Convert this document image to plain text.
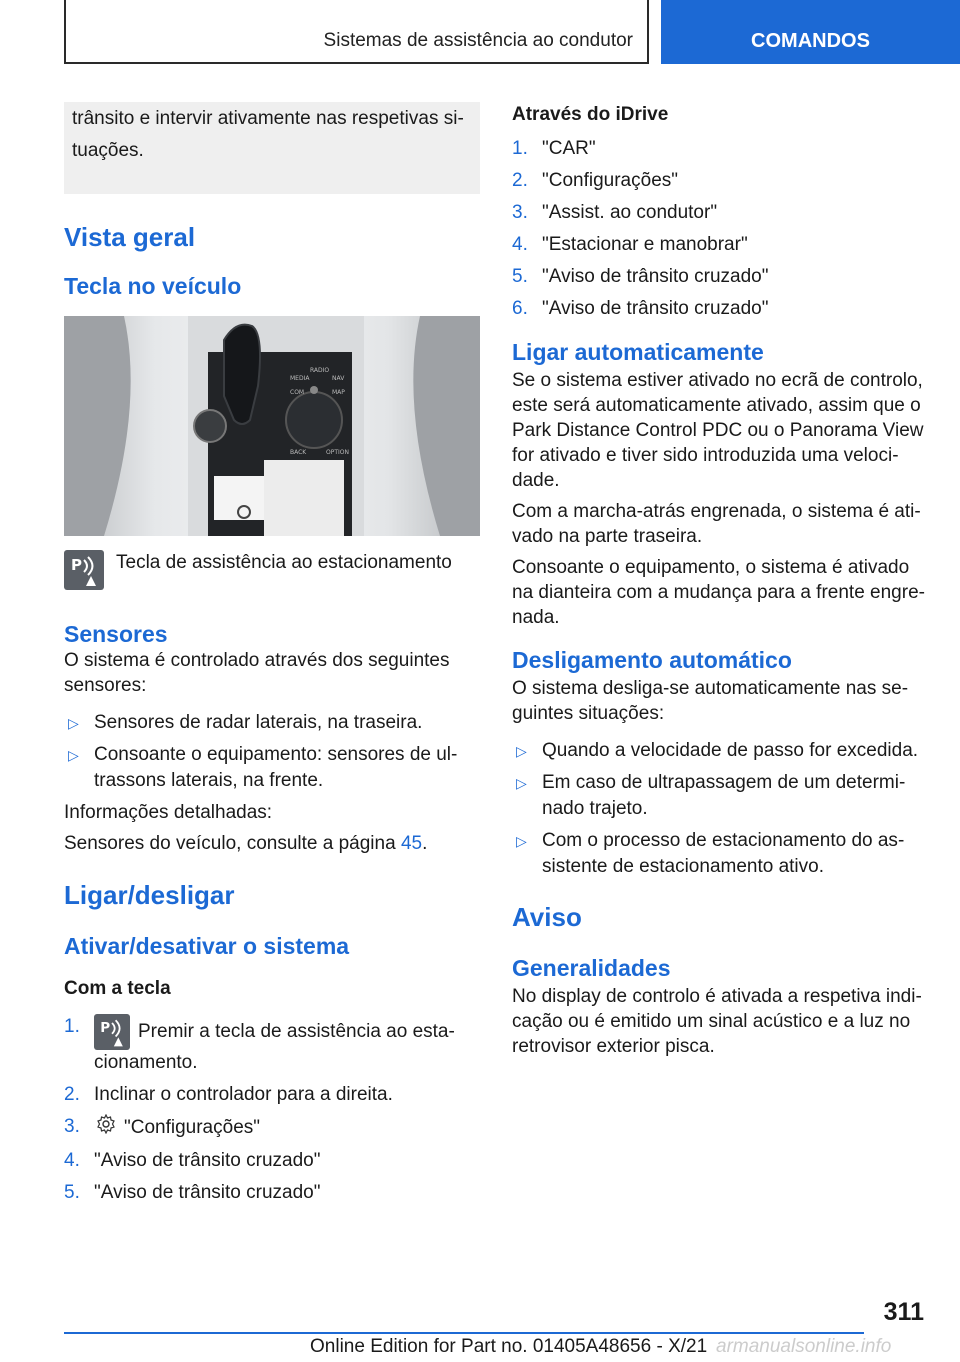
Sistemas de assistência ao condutor	COMANDOS

trânsito e intervir ativamente nas respetivas si-

tuações.

Vista geral
Tecla no veículo
MEDIA
RADIO
NAV
COM	MAP
BACK	OPTION
P Tecla de assistência ao estacionamento
Sensores

O sistema é controlado através dos seguintes sensores:

▷ Sensores de radar laterais, na traseira.
▷ Consoante o equipamento: sensores de ultrassons laterais, na frente.

Informações detalhadas:

Sensores do veículo, consulte a página 45.

Ligar/desligar
Ativar/desativar o sistema
Com a tecla
1. P Premir a tecla de assistência ao estacionamento.
2. Inclinar o controlador para a direita.
3. "Configurações"
4. "Aviso de trânsito cruzado"
5. "Aviso de trânsito cruzado"
Através do iDrive
1. "CAR"
2. "Configurações"
3. "Assist. ao condutor"
4. "Estacionar e manobrar"
5. "Aviso de trânsito cruzado"
6. "Aviso de trânsito cruzado"
Ligar automaticamente

Se o sistema estiver ativado no ecrã de controlo, este será automaticamente ativado, assim que o Park Distance Control PDC ou o Panorama View for ativado e tiver sido introduzida uma velocidade.

Com a marcha-atrás engrenada, o sistema é ativado na parte traseira.

Consoante o equipamento, o sistema é ativado na dianteira com a mudança para a frente engrenada.

Desligamento automático

O sistema desliga-se automaticamente nas seguintes situações:

▷ Quando a velocidade de passo for excedida.
▷ Em caso de ultrapassagem de um determinado trajeto.
▷ Com o processo de estacionamento do assistente de estacionamento ativo.
Aviso
Generalidades

No display de controlo é ativada a respetiva indicação ou é emitido um sinal acústico e a luz no retrovisor exterior pisca.

311
Online Edition for Part no. 01405A48656 - X/21 armanualsonline.info
